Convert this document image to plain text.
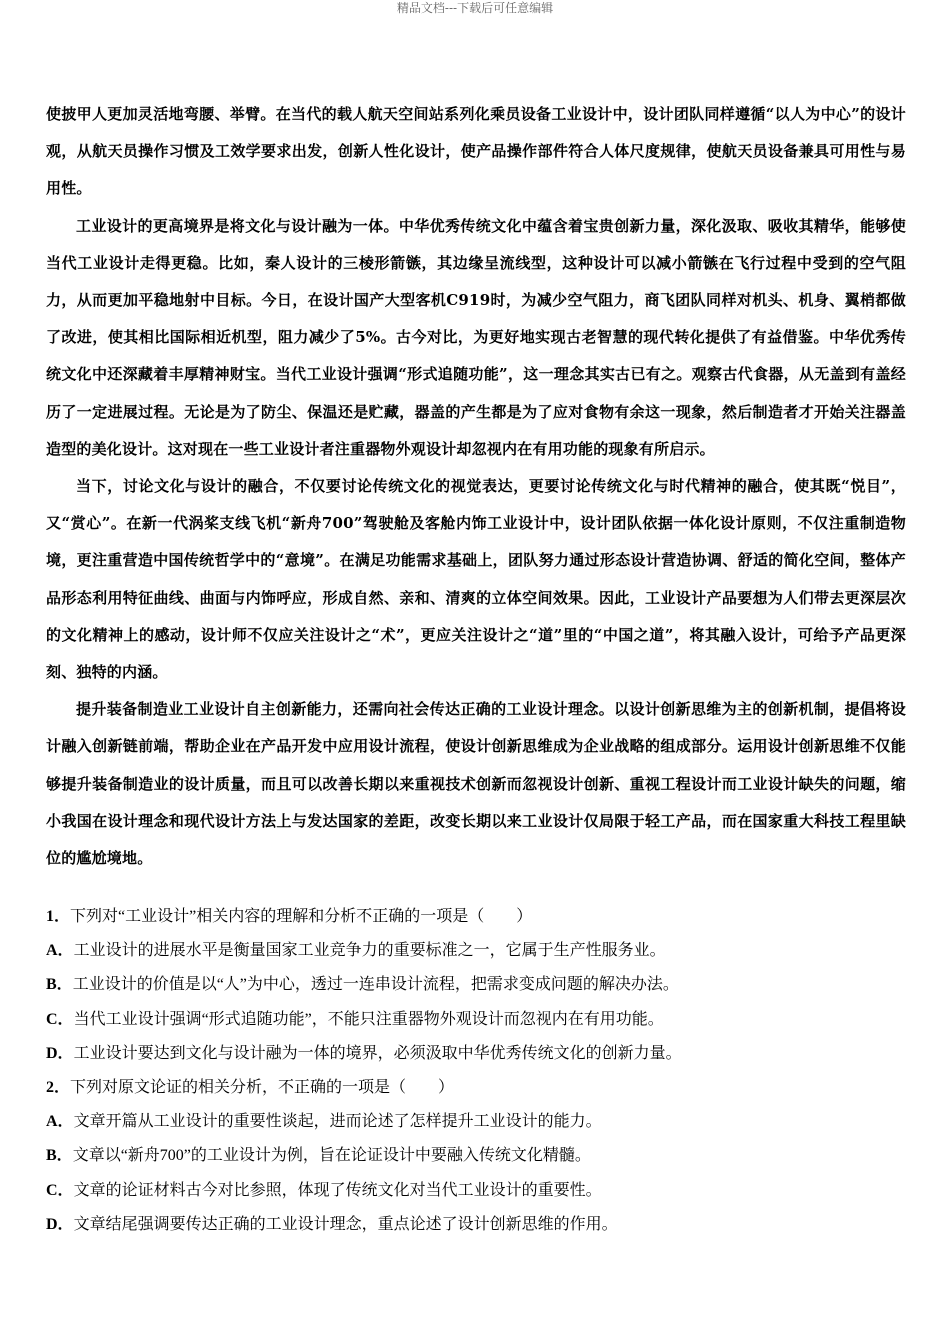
精品文档---下载后可任意编辑

使披甲人更加灵活地弯腰、举臂。在当代的载人航天空间站系列化乘员设备工业设计中，设计团队同样遵循“以人为中心”的设计观，从航天员操作习惯及工效学要求出发，创新人性化设计，使产品操作部件符合人体尺度规律，使航天员设备兼具可用性与易用性。

工业设计的更高境界是将文化与设计融为一体。中华优秀传统文化中蕴含着宝贵创新力量，深化汲取、吸收其精华，能够使当代工业设计走得更稳。比如，秦人设计的三棱形箭镞，其边缘呈流线型，这种设计可以减小箭镞在飞行过程中受到的空气阻力，从而更加平稳地射中目标。今日，在设计国产大型客机C919时，为减少空气阻力，商飞团队同样对机头、机身、翼梢都做了改进，使其相比国际相近机型，阻力减少了5%。古今对比，为更好地实现古老智慧的现代转化提供了有益借鉴。中华优秀传统文化中还深藏着丰厚精神财宝。当代工业设计强调“形式追随功能”，这一理念其实古已有之。观察古代食器，从无盖到有盖经历了一定进展过程。无论是为了防尘、保温还是贮藏，器盖的产生都是为了应对食物有余这一现象，然后制造者才开始关注器盖造型的美化设计。这对现在一些工业设计者注重器物外观设计却忽视内在有用功能的现象有所启示。

当下，讨论文化与设计的融合，不仅要讨论传统文化的视觉表达，更要讨论传统文化与时代精神的融合，使其既“悦目”，又“赏心”。在新一代涡桨支线飞机“新舟700”驾驶舱及客舱内饰工业设计中，设计团队依据一体化设计原则，不仅注重制造物境，更注重营造中国传统哲学中的“意境”。在满足功能需求基础上，团队努力通过形态设计营造协调、舒适的简化空间，整体产品形态利用特征曲线、曲面与内饰呼应，形成自然、亲和、清爽的立体空间效果。因此，工业设计产品要想为人们带去更深层次的文化精神上的感动，设计师不仅应关注设计之“术”，更应关注设计之“道”里的“中国之道”，将其融入设计，可给予产品更深刻、独特的内涵。

提升装备制造业工业设计自主创新能力，还需向社会传达正确的工业设计理念。以设计创新思维为主的创新机制，提倡将设计融入创新链前端，帮助企业在产品开发中应用设计流程，使设计创新思维成为企业战略的组成部分。运用设计创新思维不仅能够提升装备制造业的设计质量，而且可以改善长期以来重视技术创新而忽视设计创新、重视工程设计而工业设计缺失的问题，缩小我国在设计理念和现代设计方法上与发达国家的差距，改变长期以来工业设计仅局限于轻工产品，而在国家重大科技工程里缺位的尴尬境地。

1．下列对“工业设计”相关内容的理解和分析不正确的一项是（　　）
A．工业设计的进展水平是衡量国家工业竞争力的重要标准之一，它属于生产性服务业。
B．工业设计的价值是以“人”为中心，透过一连串设计流程，把需求变成问题的解决办法。
C．当代工业设计强调“形式追随功能”，不能只注重器物外观设计而忽视内在有用功能。
D．工业设计要达到文化与设计融为一体的境界，必须汲取中华优秀传统文化的创新力量。
2．下列对原文论证的相关分析，不正确的一项是（　　）
A．文章开篇从工业设计的重要性谈起，进而论述了怎样提升工业设计的能力。
B．文章以“新舟700”的工业设计为例，旨在论证设计中要融入传统文化精髓。
C．文章的论证材料古今对比参照，体现了传统文化对当代工业设计的重要性。
D．文章结尾强调要传达正确的工业设计理念，重点论述了设计创新思维的作用。
